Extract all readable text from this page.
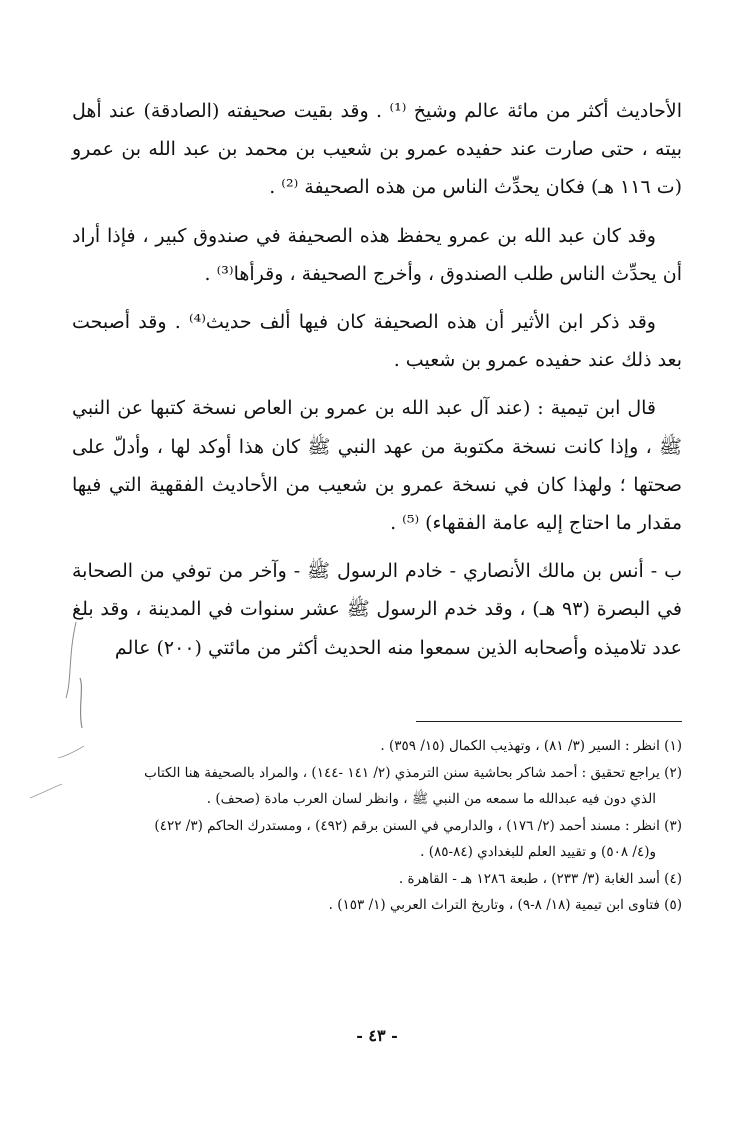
الأحاديث أكثر من مائة عالم وشيخ ⁽¹⁾ . وقد بقيت صحيفته (الصادقة) عند أهل بيته ، حتى صارت عند حفيده عمرو بن شعيب بن محمد بن عبد الله بن عمرو (ت ١١٦ هـ) فكان يحدِّث الناس من هذه الصحيفة ⁽²⁾ .

وقد كان عبد الله بن عمرو يحفظ هذه الصحيفة في صندوق كبير ، فإذا أراد أن يحدِّث الناس طلب الصندوق ، وأخرج الصحيفة ، وقرأها⁽³⁾ .

وقد ذكر ابن الأثير أن هذه الصحيفة كان فيها ألف حديث⁽⁴⁾ . وقد أصبحت بعد ذلك عند حفيده عمرو بن شعيب .

قال ابن تيمية : (عند آل عبد الله بن عمرو بن العاص نسخة كتبها عن النبي ﷺ ، وإذا كانت نسخة مكتوبة من عهد النبي ﷺ كان هذا أوكد لها ، وأدلّ على صحتها ؛ ولهذا كان في نسخة عمرو بن شعيب من الأحاديث الفقهية التي فيها مقدار ما احتاج إليه عامة الفقهاء) ⁽⁵⁾ .

ب - أنس بن مالك الأنصاري - خادم الرسول ﷺ - وآخر من توفي من الصحابة في البصرة (٩٣ هـ) ، وقد خدم الرسول ﷺ عشر سنوات في المدينة ، وقد بلغ عدد تلاميذه وأصحابه الذين سمعوا منه الحديث أكثر من مائتي (٢٠٠) عالم

(١) انظر : السير (٣/ ٨١) ، وتهذيب الكمال (١٥/ ٣٥٩) .

(٢) يراجع تحقيق : أحمد شاكر بحاشية سنن الترمذي (٢/ ١٤١ -١٤٤) ، والمراد بالصحيفة هنا الكتاب

الذي دون فيه عبدالله ما سمعه من النبي ﷺ ، وانظر لسان العرب مادة (صحف) .

(٣) انظر : مسند أحمد (٢/ ١٧٦) ، والدارمي في السنن برقم (٤٩٢) ، ومستدرك الحاكم (٣/ ٤٢٢)

و(٤/ ٥٠٨) و تقييد العلم للبغدادي (٨٤-٨٥) .

(٤) أسد الغابة (٣/ ٢٣٣) ، طبعة ١٢٨٦ هـ - القاهرة .

(٥) فتاوى ابن تيمية (١٨/ ٨-٩) ، وتاريخ التراث العربي (١/ ١٥٣) .

- ٤٣ -
